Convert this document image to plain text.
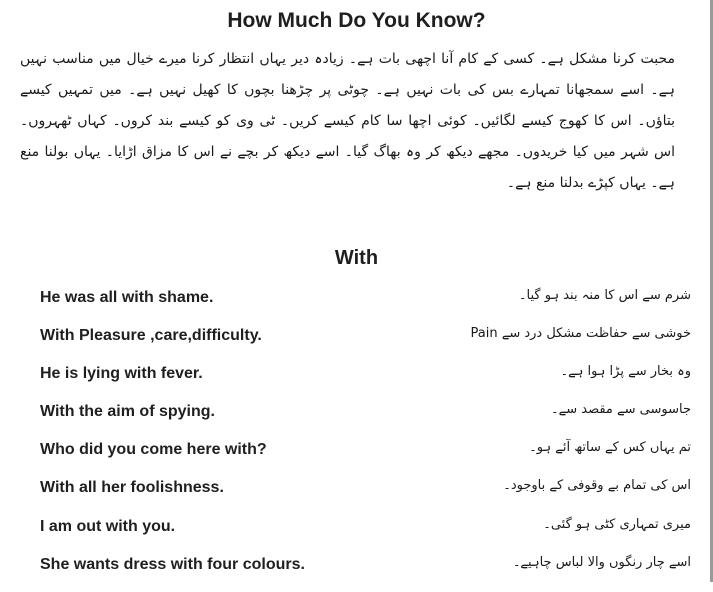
How Much Do You Know?
محبت کرنا مشکل ہے۔ کسی کے کام آنا اچھی بات ہے۔ زیادہ دیر یہاں انتظار کرنا میرے خیال میں مناسب نہیں ہے۔ اسے سمجھانا تمہارے بس کی بات نہیں ہے۔ چوٹی پر چڑھنا بچوں کا کھیل نہیں ہے۔ میں تمہیں کیسے بتاؤں۔ اس کا کھوج کیسے لگائیں۔ کوئی اچھا سا کام کیسے کریں۔ ٹی وی کو کیسے بند کروں۔ کہاں ٹھہروں۔ اس شہر میں کیا خریدوں۔ مجھے دیکھ کر وہ بھاگ گیا۔ اسے دیکھ کر بچے نے اس کا مزاق اڑایا۔ یہاں بولنا منع ہے۔ یہاں کپڑے بدلنا منع ہے۔
With
He was all with shame.	شرم سے اس کا منہ بند ہو گیا۔
With Pleasure ,care,difficulty.	خوشی سے حفاظت مشکل درد سے Pain
He is lying with fever.	وہ بخار سے پڑا ہوا ہے۔
With the aim of spying.	جاسوسی سے مقصد سے۔
Who did you come here with?	تم یہاں کس کے ساتھ آئے ہو۔
With all her foolishness.	اس کی تمام بے وقوفی کے باوجود۔
I am out with you.	میری تمہاری کٹی ہو گئی۔
She wants dress with four colours.	اسے چار رنگوں والا لباس چاہیے۔
